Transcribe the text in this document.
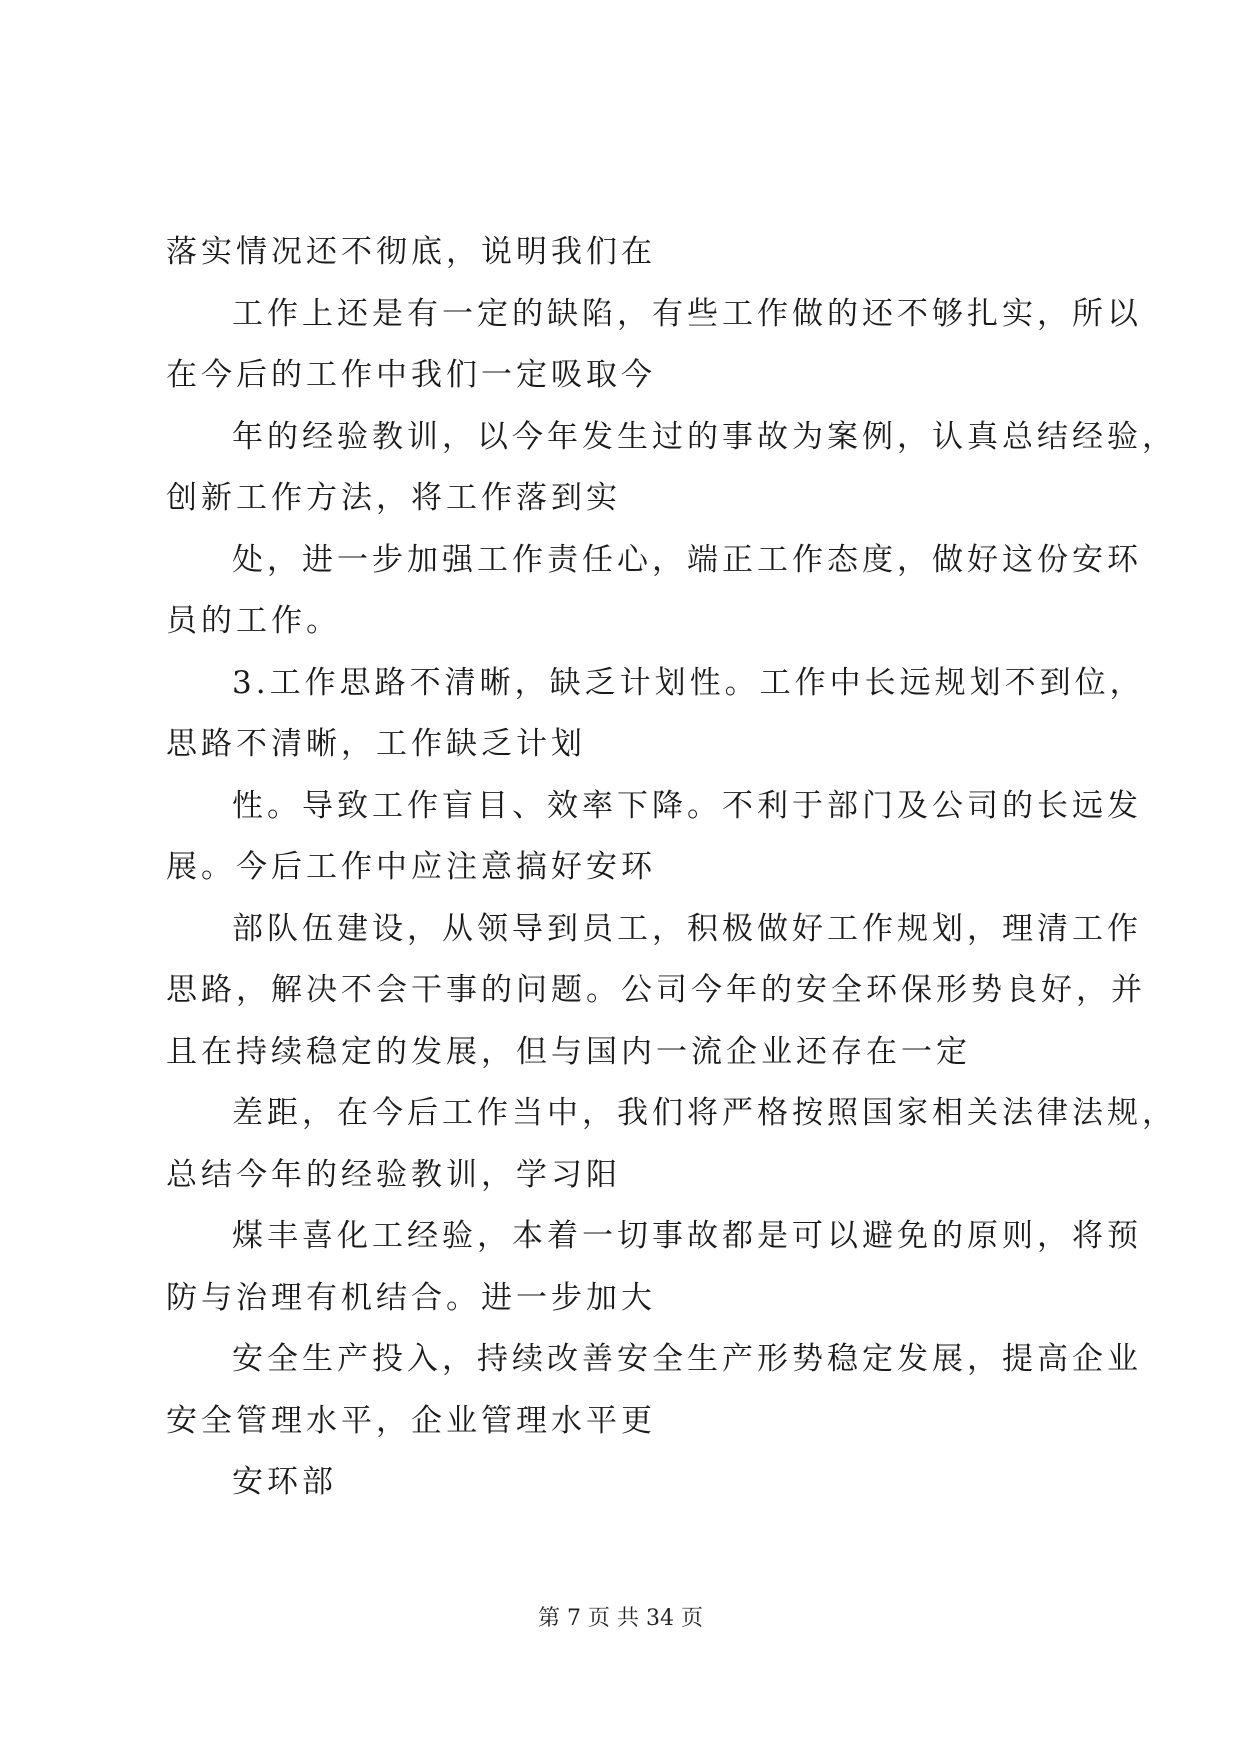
落实情况还不彻底，说明我们在
工作上还是有一定的缺陷，有些工作做的还不够扎实，所以
在今后的工作中我们一定吸取今
年的经验教训，以今年发生过的事故为案例，认真总结经验，
创新工作方法，将工作落到实
处，进一步加强工作责任心，端正工作态度，做好这份安环
员的工作。
3.工作思路不清晰，缺乏计划性。工作中长远规划不到位，
思路不清晰，工作缺乏计划
性。导致工作盲目、效率下降。不利于部门及公司的长远发
展。今后工作中应注意搞好安环
部队伍建设，从领导到员工，积极做好工作规划，理清工作
思路，解决不会干事的问题。公司今年的安全环保形势良好，并
且在持续稳定的发展，但与国内一流企业还存在一定
差距，在今后工作当中，我们将严格按照国家相关法律法规，
总结今年的经验教训，学习阳
煤丰喜化工经验，本着一切事故都是可以避免的原则，将预
防与治理有机结合。进一步加大
安全生产投入，持续改善安全生产形势稳定发展，提高企业
安全管理水平，企业管理水平更
安环部
第 7 页 共 34 页
